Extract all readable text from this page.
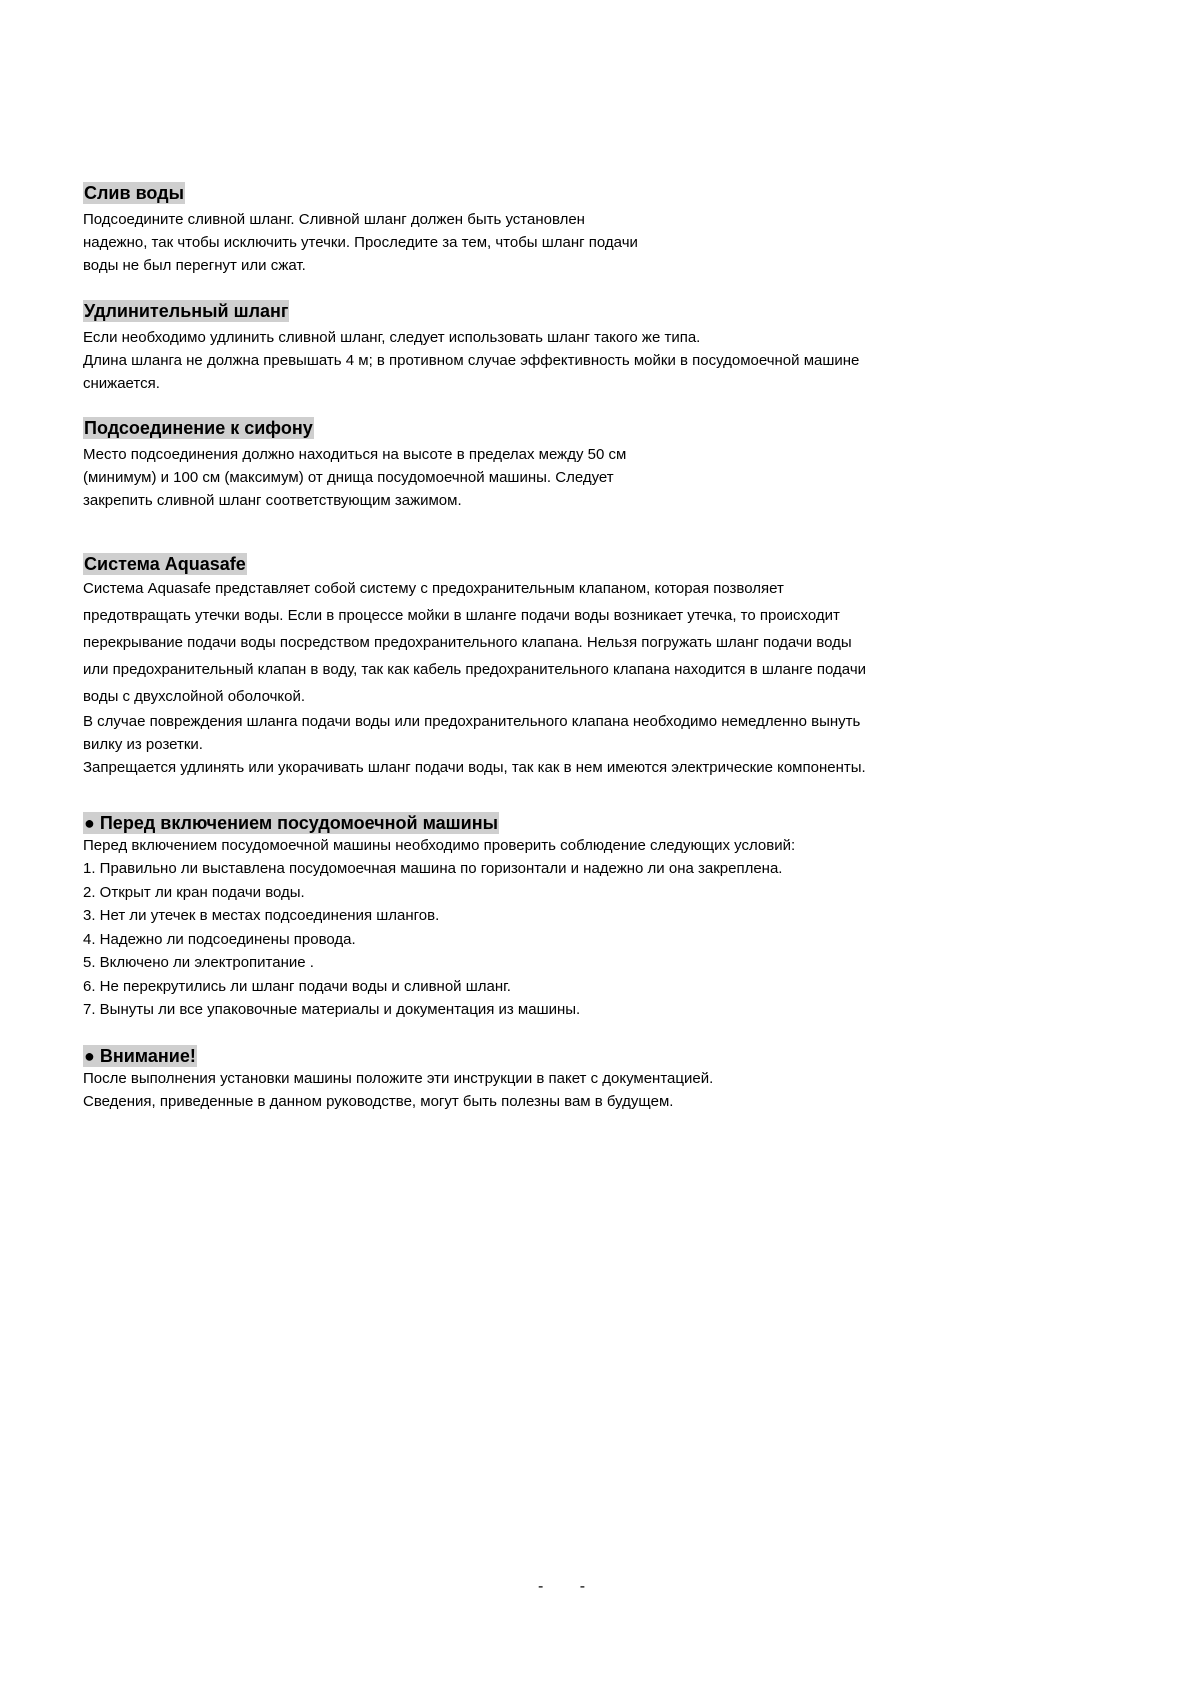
Слив воды
Подсоедините сливной шланг. Сливной шланг должен быть установлен
надежно, так чтобы исключить утечки. Проследите за тем, чтобы шланг подачи
воды не был перегнут или сжат.
Удлинительный шланг
Если необходимо удлинить сливной шланг, следует использовать шланг такого же типа.
Длина шланга не должна превышать 4 м; в противном случае эффективность мойки в посудомоечной машине
снижается.
Подсоединение к сифону
Место подсоединения должно находиться на высоте в пределах между 50 см
(минимум) и 100 см (максимум) от днища посудомоечной машины. Следует
закрепить сливной шланг соответствующим зажимом.
Система Aquasafe
Система Aquasafe представляет собой систему с предохранительным клапаном, которая позволяет
предотвращать утечки воды. Если в процессе мойки в шланге подачи воды возникает утечка, то происходит
перекрывание подачи воды посредством предохранительного клапана. Нельзя погружать шланг подачи воды
или предохранительный клапан в воду, так как кабель предохранительного клапана находится в шланге подачи
воды с двухслойной оболочкой.
В случае повреждения шланга подачи воды или предохранительного клапана необходимо немедленно вынуть
вилку из розетки.
Запрещается удлинять или укорачивать шланг подачи воды, так как в нем имеются электрические компоненты.
● Перед включением посудомоечной машины
Перед включением посудомоечной машины необходимо проверить соблюдение следующих условий:
1. Правильно ли выставлена посудомоечная машина по горизонтали и надежно ли она закреплена.
2. Открыт ли кран подачи воды.
3. Нет ли утечек в местах подсоединения шлангов.
4. Надежно ли подсоединены провода.
5. Включено ли электропитание .
6. Не перекрутились ли шланг подачи воды и сливной шланг.
7. Вынуты ли все упаковочные материалы и документация из машины.
● Внимание!
После выполнения установки машины положите эти инструкции в пакет с документацией.
Сведения, приведенные в данном руководстве, могут быть полезны вам в будущем.
- -
